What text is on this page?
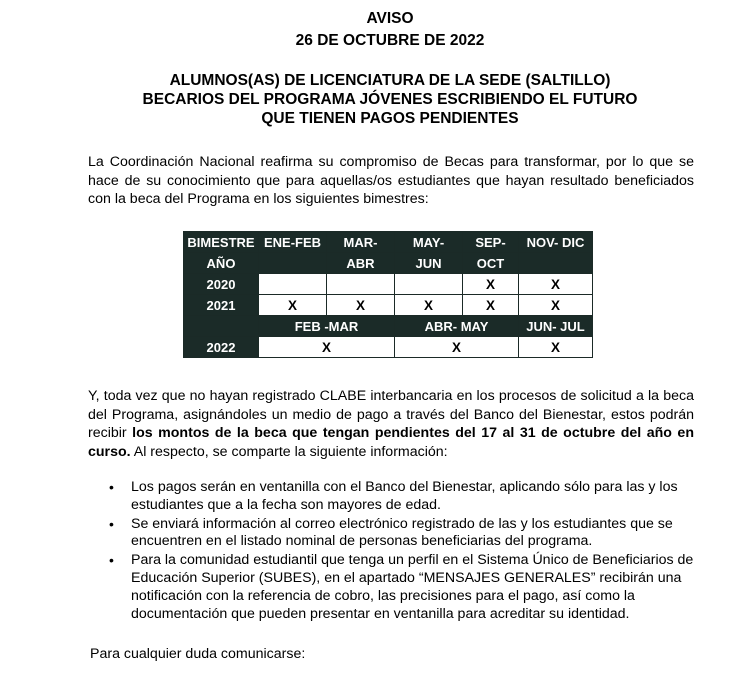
AVISO
26 DE OCTUBRE DE 2022
ALUMNOS(AS) DE LICENCIATURA DE LA SEDE (SALTILLO)
BECARIOS DEL PROGRAMA JÓVENES ESCRIBIENDO EL FUTURO
QUE TIENEN PAGOS PENDIENTES
La Coordinación Nacional reafirma su compromiso de Becas para transformar, por lo que se hace de su conocimiento que para aquellas/os estudiantes que hayan resultado beneficiados con la beca del Programa en los siguientes bimestres:
BIMESTRE	ENE-FEB	MAR-	MAY-	SEP-	NOV- DIC
AÑO		ABR	JUN	OCT	
2020				X	X
2021	X	X	X	X	X
	FEB -MAR		ABR- MAY		JUN- JUL
2022	X		X		X
Y, toda vez que no hayan registrado CLABE interbancaria en los procesos de solicitud a la beca del Programa, asignándoles un medio de pago a través del Banco del Bienestar, estos podrán recibir los montos de la beca que tengan pendientes del 17 al 31 de octubre del año en curso. Al respecto, se comparte la siguiente información:
• Los pagos serán en ventanilla con el Banco del Bienestar, aplicando sólo para las y los estudiantes que a la fecha son mayores de edad.
• Se enviará información al correo electrónico registrado de las y los estudiantes que se encuentren en el listado nominal de personas beneficiarias del programa.
• Para la comunidad estudiantil que tenga un perfil en el Sistema Único de Beneficiarios de Educación Superior (SUBES), en el apartado “MENSAJES GENERALES” recibirán una notificación con la referencia de cobro, las precisiones para el pago, así como la documentación que pueden presentar en ventanilla para acreditar su identidad.
Para cualquier duda comunicarse:
